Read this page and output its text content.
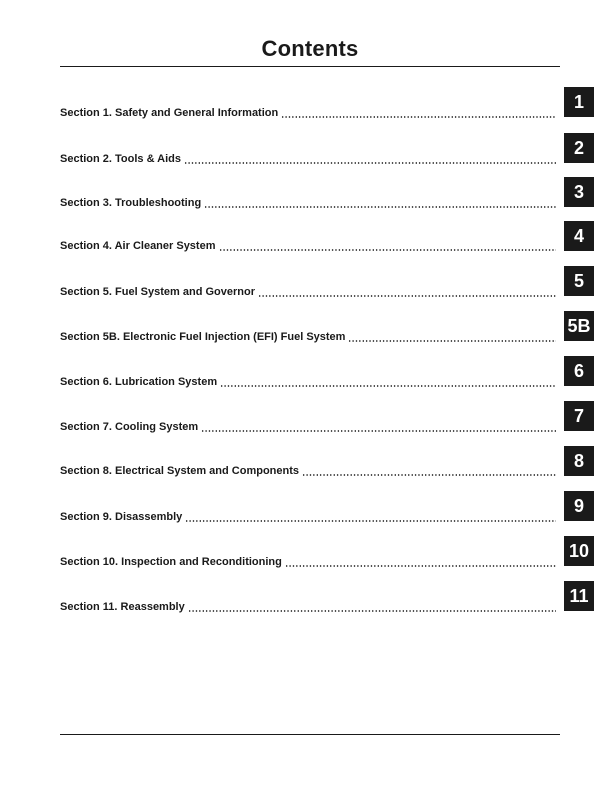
Contents
Section 1. Safety and General Information
Section 2. Tools & Aids
Section 3. Troubleshooting
Section 4. Air Cleaner System
Section 5. Fuel System and Governor
Section 5B. Electronic Fuel Injection (EFI) Fuel System
Section 6. Lubrication System
Section 7. Cooling System
Section 8. Electrical System and Components
Section 9. Disassembly
Section 10. Inspection and Reconditioning
Section 11. Reassembly
1
2
3
4
5
5B
6
7
8
9
10
11
